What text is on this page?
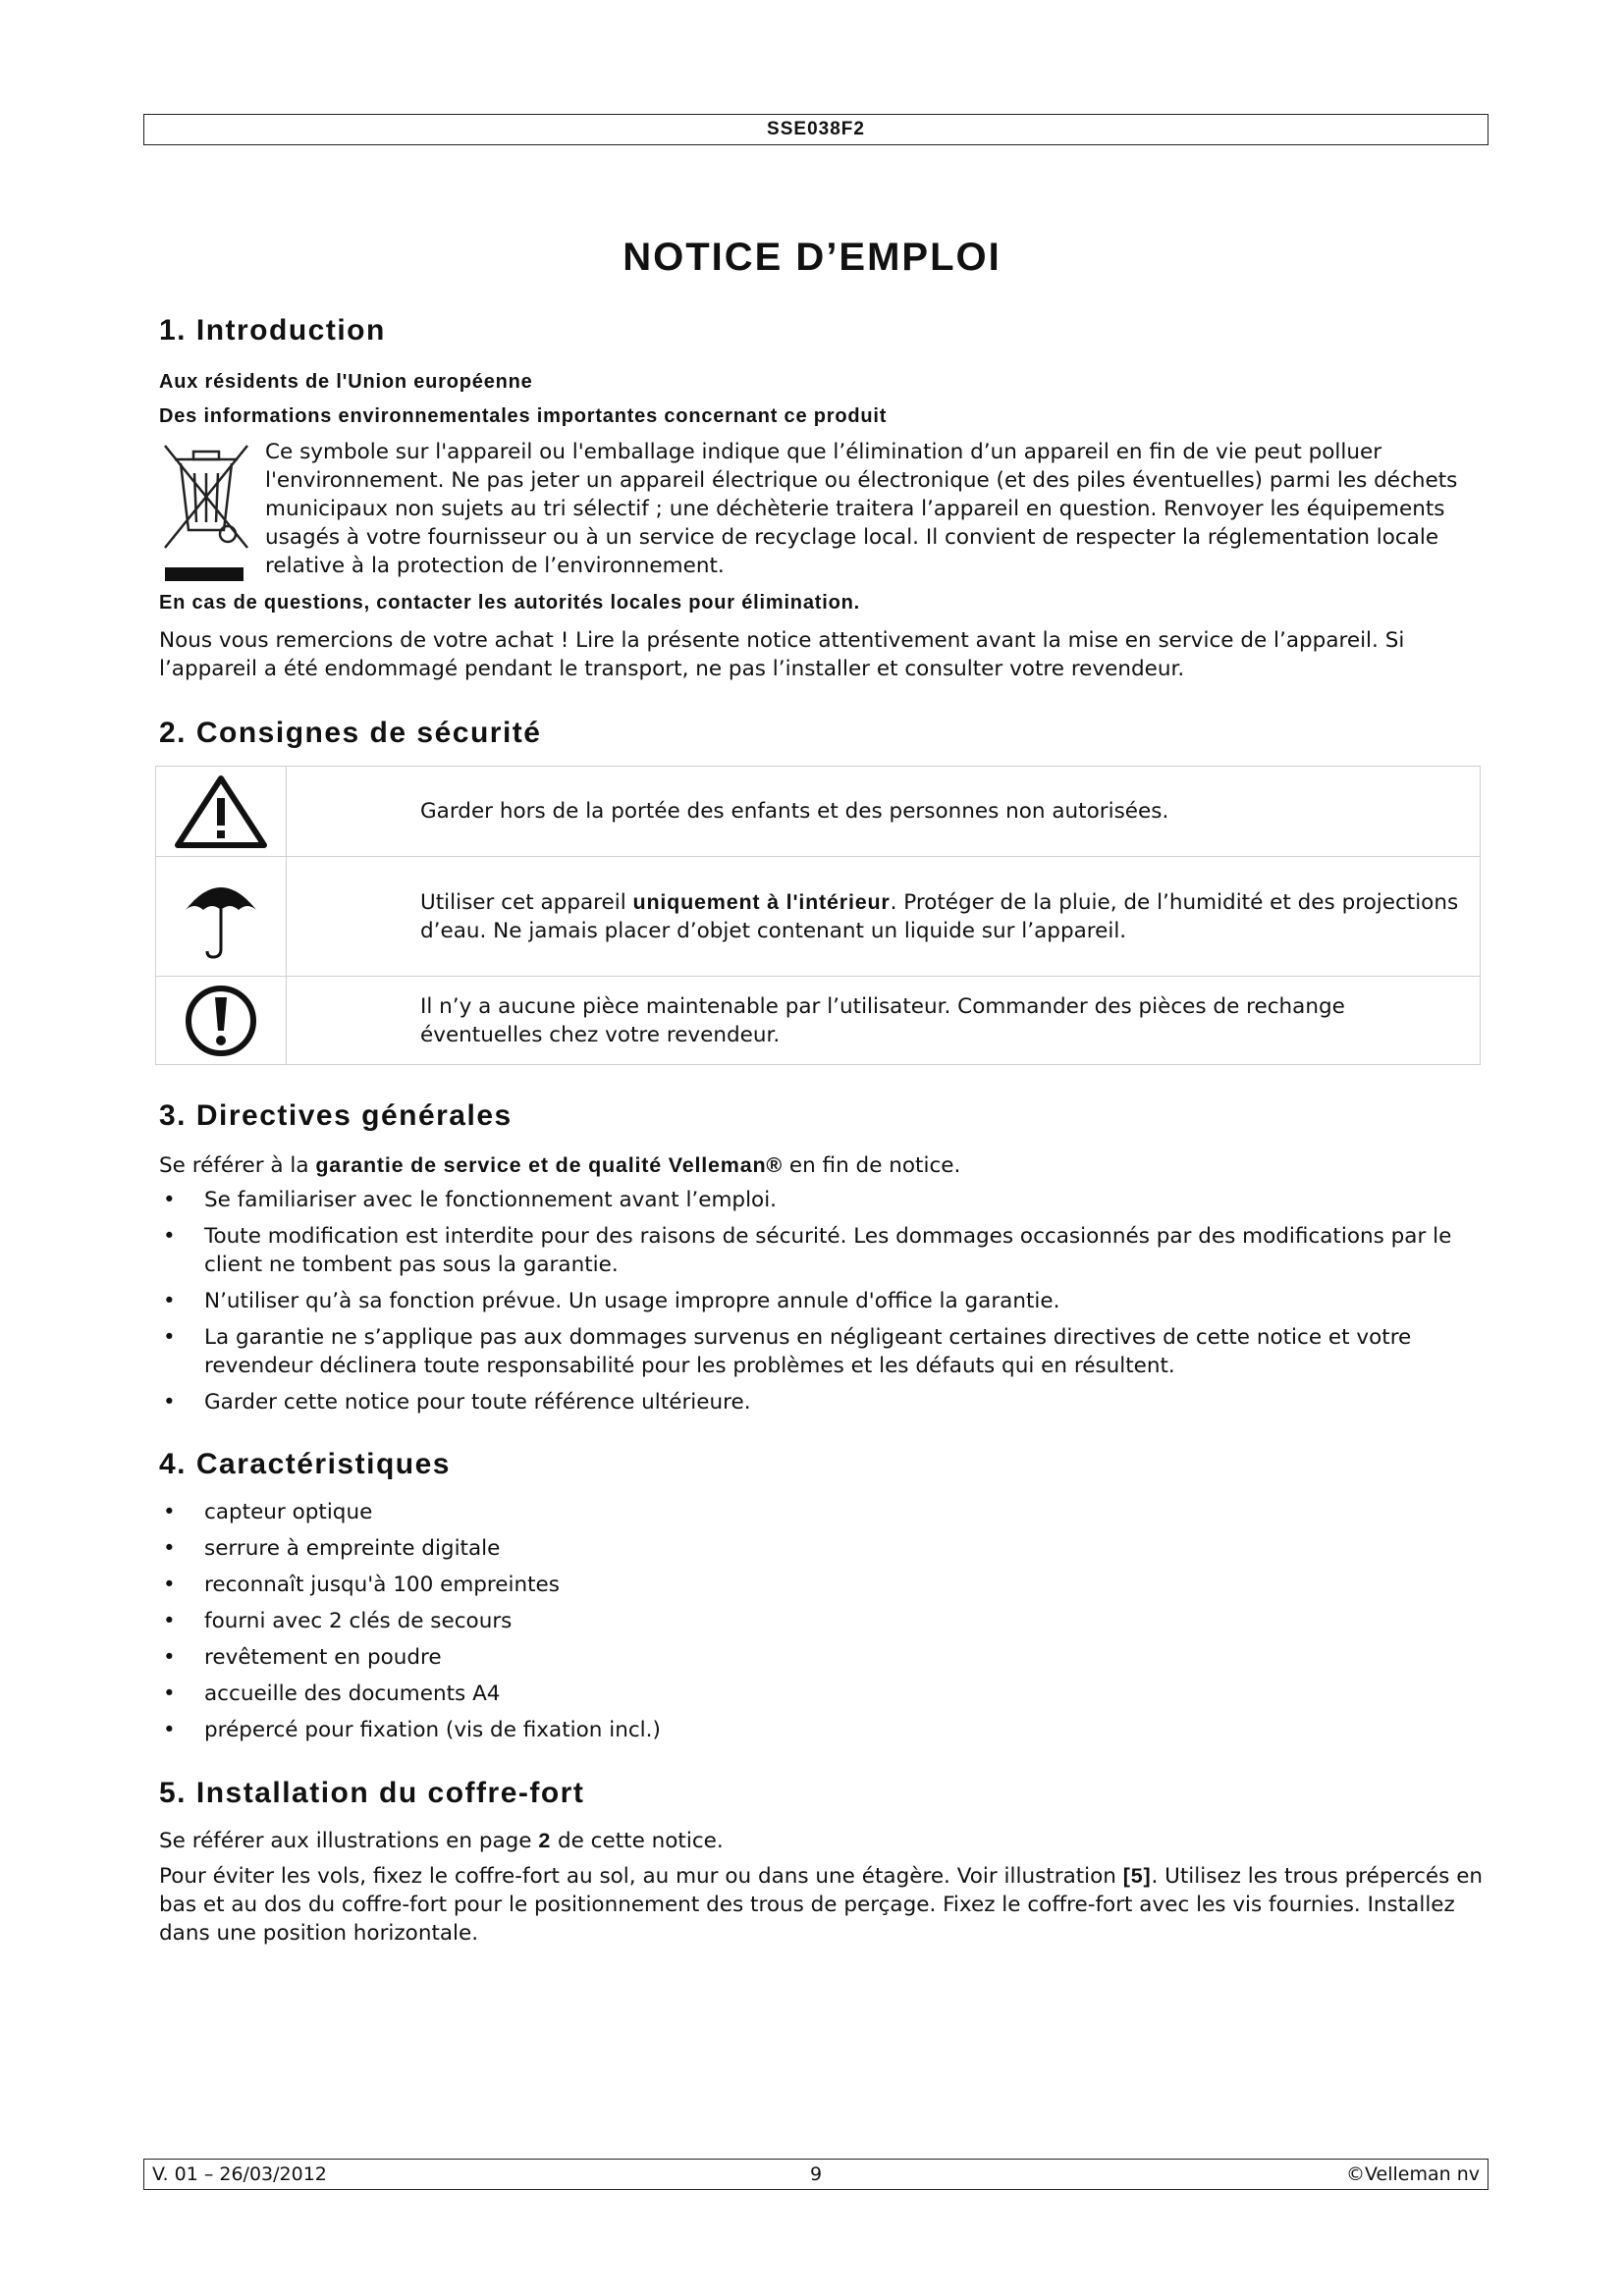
SSE038F2
NOTICE D’EMPLOI
1. Introduction
Aux résidents de l'Union européenne
Des informations environnementales importantes concernant ce produit
Ce symbole sur l'appareil ou l'emballage indique que l’élimination d’un appareil en fin de vie peut polluer l'environnement. Ne pas jeter un appareil électrique ou électronique (et des piles éventuelles) parmi les déchets municipaux non sujets au tri sélectif ; une déchèterie traitera l’appareil en question. Renvoyer les équipements usagés à votre fournisseur ou à un service de recyclage local. Il convient de respecter la réglementation locale relative à la protection de l’environnement.
En cas de questions, contacter les autorités locales pour élimination.
Nous vous remercions de votre achat ! Lire la présente notice attentivement avant la mise en service de l’appareil. Si l’appareil a été endommagé pendant le transport, ne pas l’installer et consulter votre revendeur.
2. Consignes de sécurité
	Garder hors de la portée des enfants et des personnes non autorisées.

	Utiliser cet appareil uniquement à l'intérieur. Protéger de la pluie, de l’humidité et des projections d’eau. Ne jamais placer d’objet contenant un liquide sur l’appareil.

	Il n’y a aucune pièce maintenable par l’utilisateur. Commander des pièces de rechange éventuelles chez votre revendeur.
3. Directives générales
Se référer à la garantie de service et de qualité Velleman® en fin de notice.
• Se familiariser avec le fonctionnement avant l’emploi.
• Toute modification est interdite pour des raisons de sécurité. Les dommages occasionnés par des modifications par le client ne tombent pas sous la garantie.
• N’utiliser qu’à sa fonction prévue. Un usage impropre annule d'office la garantie.
• La garantie ne s’applique pas aux dommages survenus en négligeant certaines directives de cette notice et votre revendeur déclinera toute responsabilité pour les problèmes et les défauts qui en résultent.
• Garder cette notice pour toute référence ultérieure.
4. Caractéristiques
• capteur optique
• serrure à empreinte digitale
• reconnaît jusqu'à 100 empreintes
• fourni avec 2 clés de secours
• revêtement en poudre
• accueille des documents A4
• prépercé pour fixation (vis de fixation incl.)
5. Installation du coffre-fort
Se référer aux illustrations en page 2 de cette notice.
Pour éviter les vols, fixez le coffre-fort au sol, au mur ou dans une étagère. Voir illustration [5]. Utilisez les trous prépercés en bas et au dos du coffre-fort pour le positionnement des trous de perçage. Fixez le coffre-fort avec les vis fournies. Installez dans une position horizontale.
V. 01 – 26/03/2012	9	©Velleman nv
